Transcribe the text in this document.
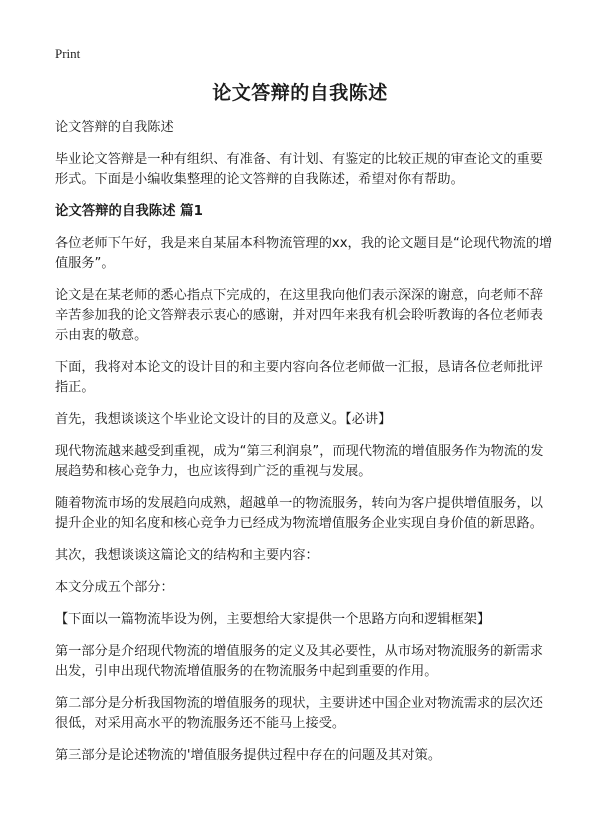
Print
论文答辩的自我陈述

论文答辩的自我陈述

毕业论文答辩是一种有组织、有准备、有计划、有鉴定的比较正规的审查论文的重要形式。下面是小编收集整理的论文答辩的自我陈述，希望对你有帮助。

论文答辩的自我陈述 篇1

各位老师下午好，我是来自某届本科物流管理的xx，我的论文题目是“论现代物流的增值服务”。

论文是在某老师的悉心指点下完成的，在这里我向他们表示深深的谢意，向老师不辞辛苦参加我的论文答辩表示衷心的感谢，并对四年来我有机会聆听教诲的各位老师表示由衷的敬意。

下面，我将对本论文的设计目的和主要内容向各位老师做一汇报，恳请各位老师批评指正。

首先，我想谈谈这个毕业论文设计的目的及意义。【必讲】

现代物流越来越受到重视，成为“第三利润泉”，而现代物流的增值服务作为物流的发展趋势和核心竞争力，也应该得到广泛的重视与发展。

随着物流市场的发展趋向成熟，超越单一的物流服务，转向为客户提供增值服务，以提升企业的知名度和核心竞争力已经成为物流增值服务企业实现自身价值的新思路。

其次，我想谈谈这篇论文的结构和主要内容：

本文分成五个部分：

【下面以一篇物流毕设为例，主要想给大家提供一个思路方向和逻辑框架】

第一部分是介绍现代物流的增值服务的定义及其必要性，从市场对物流服务的新需求出发，引申出现代物流增值服务的在物流服务中起到重要的作用。

第二部分是分析我国物流的增值服务的现状，主要讲述中国企业对物流需求的层次还很低，对采用高水平的物流服务还不能马上接受。

第三部分是论述物流的'增值服务提供过程中存在的问题及其对策。
